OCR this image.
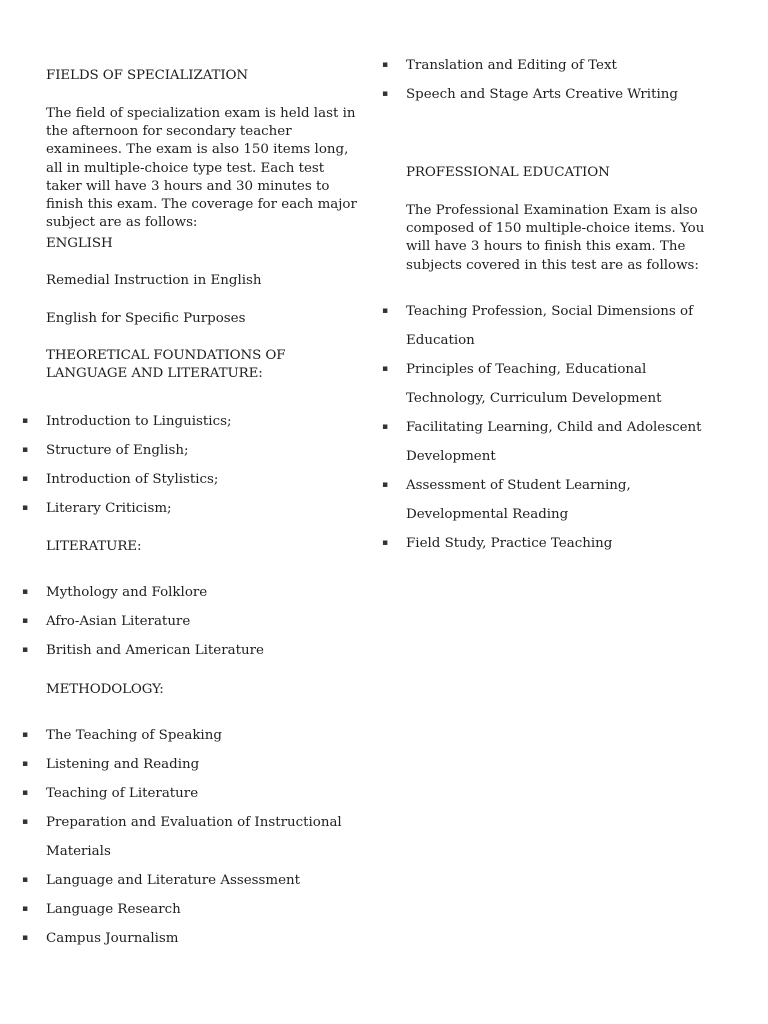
FIELDS OF SPECIALIZATION
The field of specialization exam is held last in the afternoon for secondary teacher examinees. The exam is also 150 items long, all in multiple-choice type test. Each test taker will have 3 hours and 30 minutes to finish this exam. The coverage for each major subject are as follows:
ENGLISH
Remedial Instruction in English
English for Specific Purposes
THEORETICAL FOUNDATIONS OF LANGUAGE AND LITERATURE:
▪ Introduction to Linguistics;
▪ Structure of English;
▪ Introduction of Stylistics;
▪ Literary Criticism;
LITERATURE:
▪ Mythology and Folklore
▪ Afro-Asian Literature
▪ British and American Literature
METHODOLOGY:
▪ The Teaching of Speaking
▪ Listening and Reading
▪ Teaching of Literature
▪ Preparation and Evaluation of Instructional Materials
▪ Language and Literature Assessment
▪ Language Research
▪ Campus Journalism
▪ Translation and Editing of Text
▪ Speech and Stage Arts Creative Writing
PROFESSIONAL EDUCATION
The Professional Examination Exam is also composed of 150 multiple-choice items. You will have 3 hours to finish this exam. The subjects covered in this test are as follows:
▪ Teaching Profession, Social Dimensions of Education
▪ Principles of Teaching, Educational Technology, Curriculum Development
▪ Facilitating Learning, Child and Adolescent Development
▪ Assessment of Student Learning, Developmental Reading
▪ Field Study, Practice Teaching
